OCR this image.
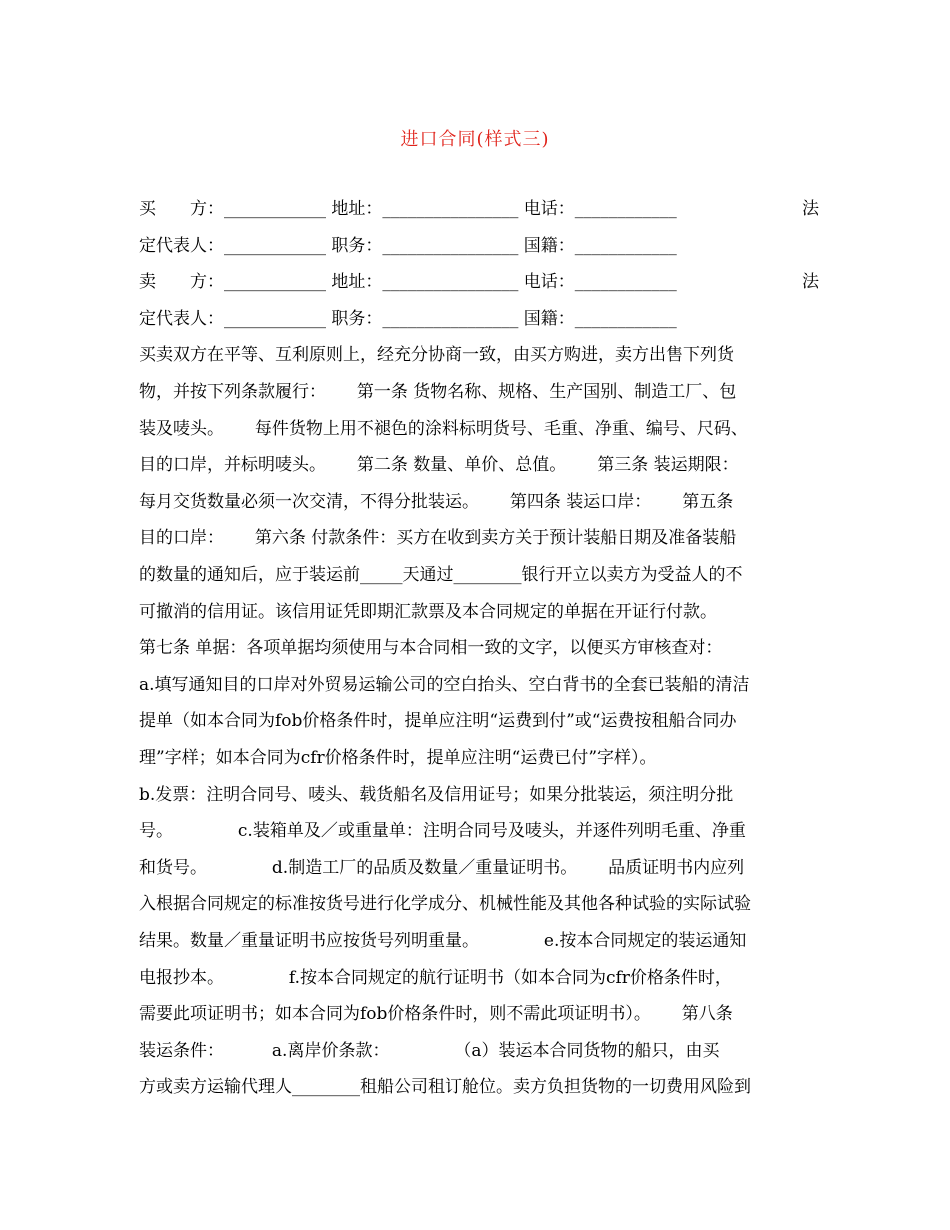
进口合同(样式三)
买　　方：____________ 地址：________________ 电话：____________	法
定代表人：____________ 职务：________________ 国籍：____________
卖　　方：____________ 地址：________________ 电话：____________	法
定代表人：____________ 职务：________________ 国籍：____________
买卖双方在平等、互利原则上，经充分协商一致，由买方购进，卖方出售下列货
物，并按下列条款履行：　　 第一条 货物名称、规格、生产国别、制造工厂、包
装及唛头。　　 每件货物上用不褪色的涂料标明货号、毛重、净重、编号、尺码、
目的口岸，并标明唛头。　　 第二条 数量、单价、总值。　　 第三条 装运期限：
每月交货数量必须一次交清，不得分批装运。　　 第四条 装运口岸：　　 第五条
目的口岸：　　 第六条 付款条件：买方在收到卖方关于预计装船日期及准备装船
的数量的通知后，应于装运前_____天通过________银行开立以卖方为受益人的不
可撤消的信用证。该信用证凭即期汇款票及本合同规定的单据在开证行付款。
第七条 单据：各项单据均须使用与本合同相一致的文字，以便买方审核查对：
a.填写通知目的口岸对外贸易运输公司的空白抬头、空白背书的全套已装船的清洁
提单（如本合同为fob价格条件时，提单应注明“运费到付”或“运费按租船合同办
理”字样；如本合同为cfr价格条件时，提单应注明“运费已付”字样）。
b.发票：注明合同号、唛头、载货船名及信用证号；如果分批装运，须注明分批
号。　　　　 c.装箱单及／或重量单：注明合同号及唛头，并逐件列明毛重、净重
和货号。　　　　 d.制造工厂的品质及数量／重量证明书。　　 品质证明书内应列
入根据合同规定的标准按货号进行化学成分、机械性能及其他各种试验的实际试验
结果。数量／重量证明书应按货号列明重量。　　　　 e.按本合同规定的装运通知
电报抄本。　　　　 f.按本合同规定的航行证明书（如本合同为cfr价格条件时，
需要此项证明书；如本合同为fob价格条件时，则不需此项证明书）。　　 第八条
装运条件：　　　 a.离岸价条款：　　　　 （a）装运本合同货物的船只，由买
方或卖方运输代理人________租船公司租订舱位。卖方负担货物的一切费用风险到
